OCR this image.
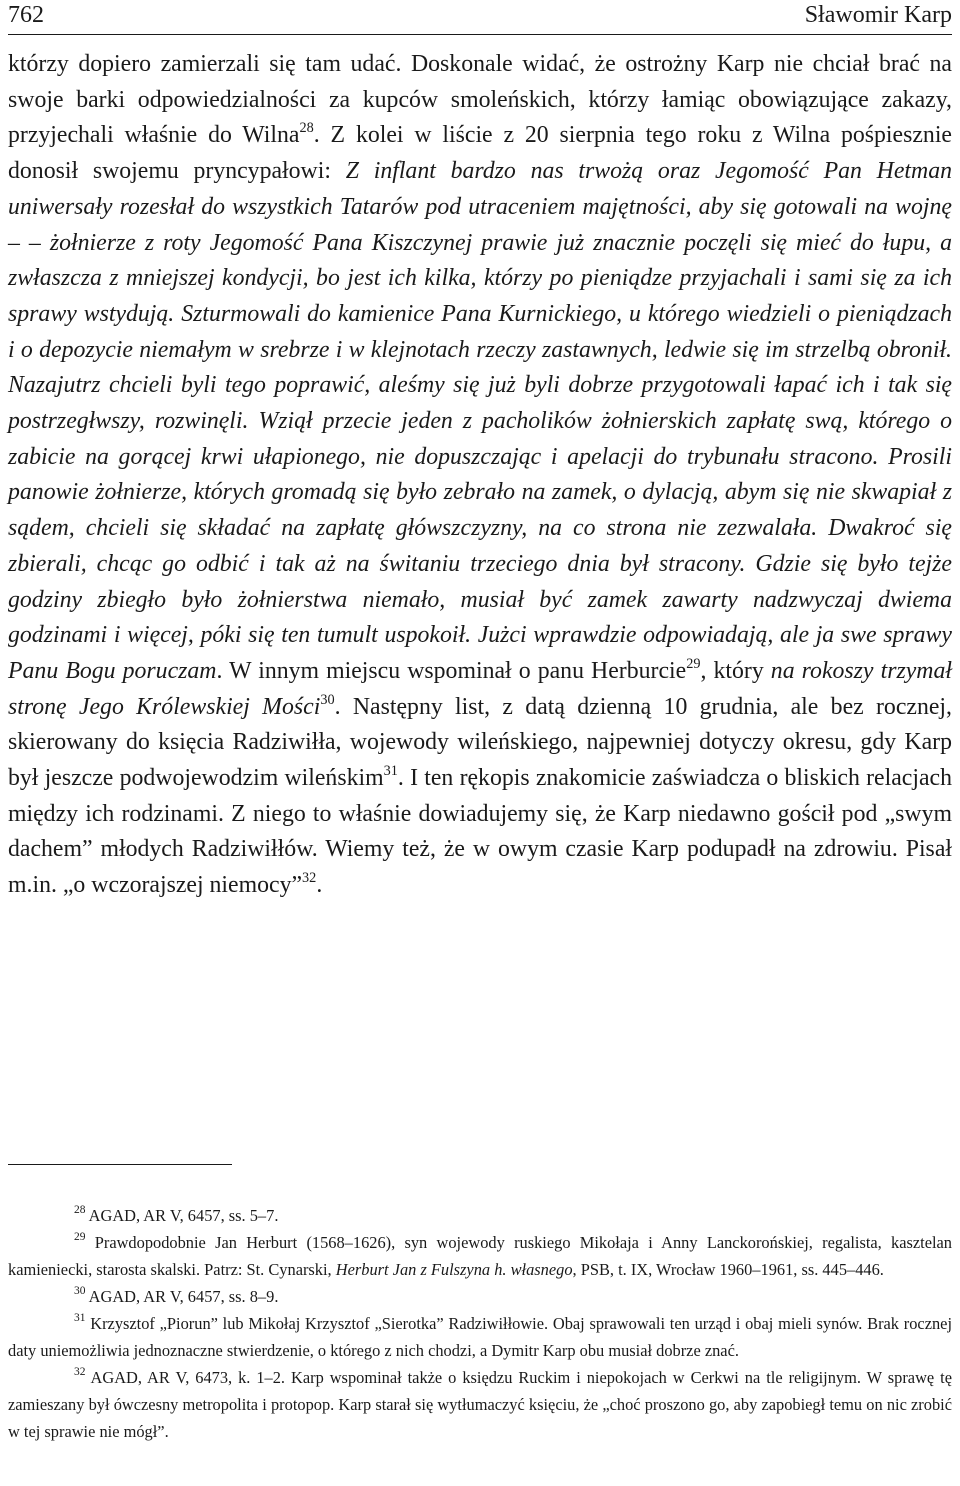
762	Sławomir Karp

którzy dopiero zamierzali się tam udać. Doskonale widać, że ostrożny Karp nie chciał brać na swoje barki odpowiedzialności za kupców smoleńskich, którzy łamiąc obowiązujące zakazy, przyjechali właśnie do Wilna$^{28}$. Z kolei w liście z 20 sierpnia tego roku z Wilna pośpiesznie donosił swojemu pryncypałowi: Z inflant bardzo nas trwożą oraz Jegomość Pan Hetman uniwersały rozesłał do wszystkich Tatarów pod utraceniem majętności, aby się gotowali na wojnę – – żołnierze z roty Jegomość Pana Kiszczynej prawie już znacznie poczęli się mieć do łupu, a zwłaszcza z mniejszej kondycji, bo jest ich kilka, którzy po pieniądze przyjachali i sami się za ich sprawy wstydują. Szturmowali do kamienice Pana Kurnickiego, u którego wiedzieli o pieniądzach i o depozycie niemałym w srebrze i w klejnotach rzeczy zastawnych, ledwie się im strzelbą obronił. Nazajutrz chcieli byli tego poprawić, aleśmy się już byli dobrze przygotowali łapać ich i tak się postrzegłwszy, rozwinęli. Wziął przecie jeden z pacholików żołnierskich zapłatę swą, którego o zabicie na gorącej krwi ułapionego, nie dopuszczając i apelacji do trybunału stracono. Prosili panowie żołnierze, których gromadą się było zebrało na zamek, o dylacją, abym się nie skwapiał z sądem, chcieli się składać na zapłatę główszczyzny, na co strona nie zezwalała. Dwakroć się zbierali, chcąc go odbić i tak aż na świtaniu trzeciego dnia był stracony. Gdzie się było tejże godziny zbiegło było żołnierstwa niemało, musiał być zamek zawarty nadzwyczaj dwiema godzinami i więcej, póki się ten tumult uspokoił. Jużci wprawdzie odpowiadają, ale ja swe sprawy Panu Bogu poruczam. W innym miejscu wspominał o panu Herburcie$^{29}$, który na rokoszy trzymał stronę Jego Królewskiej Mości$^{30}$. Następny list, z datą dzienną 10 grudnia, ale bez rocznej, skierowany do księcia Radziwiłła, wojewody wileńskiego, najpewniej dotyczy okresu, gdy Karp był jeszcze podwojewodzim wileńskim$^{31}$. I ten rękopis znakomicie zaświadcza o bliskich relacjach między ich rodzinami. Z niego to właśnie dowiadujemy się, że Karp niedawno gościł pod „swym dachem” młodych Radziwiłłów. Wiemy też, że w owym czasie Karp podupadł na zdrowiu. Pisał m.in. „o wczorajszej niemocy”$^{32}$.

$^{28}$ AGAD, AR V, 6457, ss. 5–7.

$^{29}$ Prawdopodobnie Jan Herburt (1568–1626), syn wojewody ruskiego Mikołaja i Anny Lanckorońskiej, regalista, kasztelan kamieniecki, starosta skalski. Patrz: St. Cynarski, Herburt Jan z Fulszyna h. własnego, PSB, t. IX, Wrocław 1960–1961, ss. 445–446.

$^{30}$ AGAD, AR V, 6457, ss. 8–9.

$^{31}$ Krzysztof „Piorun” lub Mikołaj Krzysztof „Sierotka” Radziwiłłowie. Obaj sprawowali ten urząd i obaj mieli synów. Brak rocznej daty uniemożliwia jednoznaczne stwierdzenie, o którego z nich chodzi, a Dymitr Karp obu musiał dobrze znać.

$^{32}$ AGAD, AR V, 6473, k. 1–2. Karp wspominał także o księdzu Ruckim i niepokojach w Cerkwi na tle religijnym. W sprawę tę zamieszany był ówczesny metropolita i protopop. Karp starał się wytłumaczyć księciu, że „choć proszono go, aby zapobiegł temu on nic zrobić w tej sprawie nie mógł”.
